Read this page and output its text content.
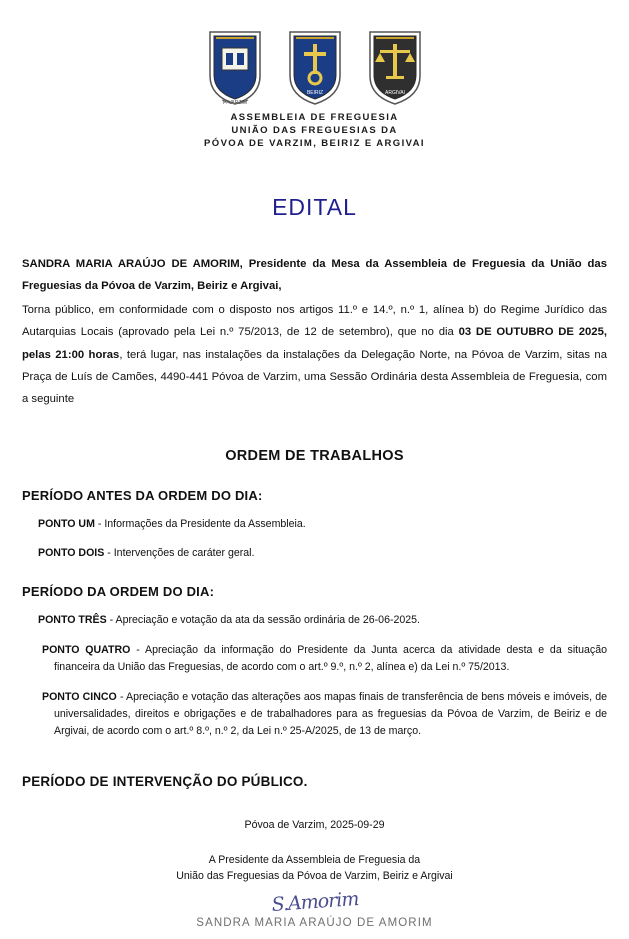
P. VARZIM
BEIRIZ	ARGIVAI
ASSEMBLEIA DE FREGUESIA
UNIÃO DAS FREGUESIAS DA
PÓVOA DE VARZIM, BEIRIZ E ARGIVAI
EDITAL

SANDRA MARIA ARAÚJO DE AMORIM, Presidente da Mesa da Assembleia de Freguesia da União das Freguesias da Póvoa de Varzim, Beiriz e Argivai,

Torna público, em conformidade com o disposto nos artigos 11.º e 14.º, n.º 1, alínea b) do Regime Jurídico das Autarquias Locais (aprovado pela Lei n.º 75/2013, de 12 de setembro), que no dia 03 DE OUTUBRO DE 2025, pelas 21:00 horas, terá lugar, nas instalações da instalações da Delegação Norte, na Póvoa de Varzim, sitas na Praça de Luís de Camões, 4490-441 Póvoa de Varzim, uma Sessão Ordinária desta Assembleia de Freguesia, com a seguinte

ORDEM DE TRABALHOS
PERÍODO ANTES DA ORDEM DO DIA:
PONTO UM - Informações da Presidente da Assembleia.
PONTO DOIS - Intervenções de caráter geral.
PERÍODO DA ORDEM DO DIA:
PONTO TRÊS - Apreciação e votação da ata da sessão ordinária de 26-06-2025.
PONTO QUATRO - Apreciação da informação do Presidente da Junta acerca da atividade desta e da situação financeira da União das Freguesias, de acordo com o art.º 9.º, n.º 2, alínea e) da Lei n.º 75/2013.
PONTO CINCO - Apreciação e votação das alterações aos mapas finais de transferência de bens móveis e imóveis, de universalidades, direitos e obrigações e de trabalhadores para as freguesias da Póvoa de Varzim, de Beiriz e de Argivai, de acordo com o art.º 8.º, n.º 2, da Lei n.º 25-A/2025, de 13 de março.
PERÍODO DE INTERVENÇÃO DO PÚBLICO.
Póvoa de Varzim, 2025-09-29
A Presidente da Assembleia de Freguesia da
União das Freguesias da Póvoa de Varzim, Beiriz e Argivai
S.Amorim
SANDRA MARIA ARAÚJO DE AMORIM
